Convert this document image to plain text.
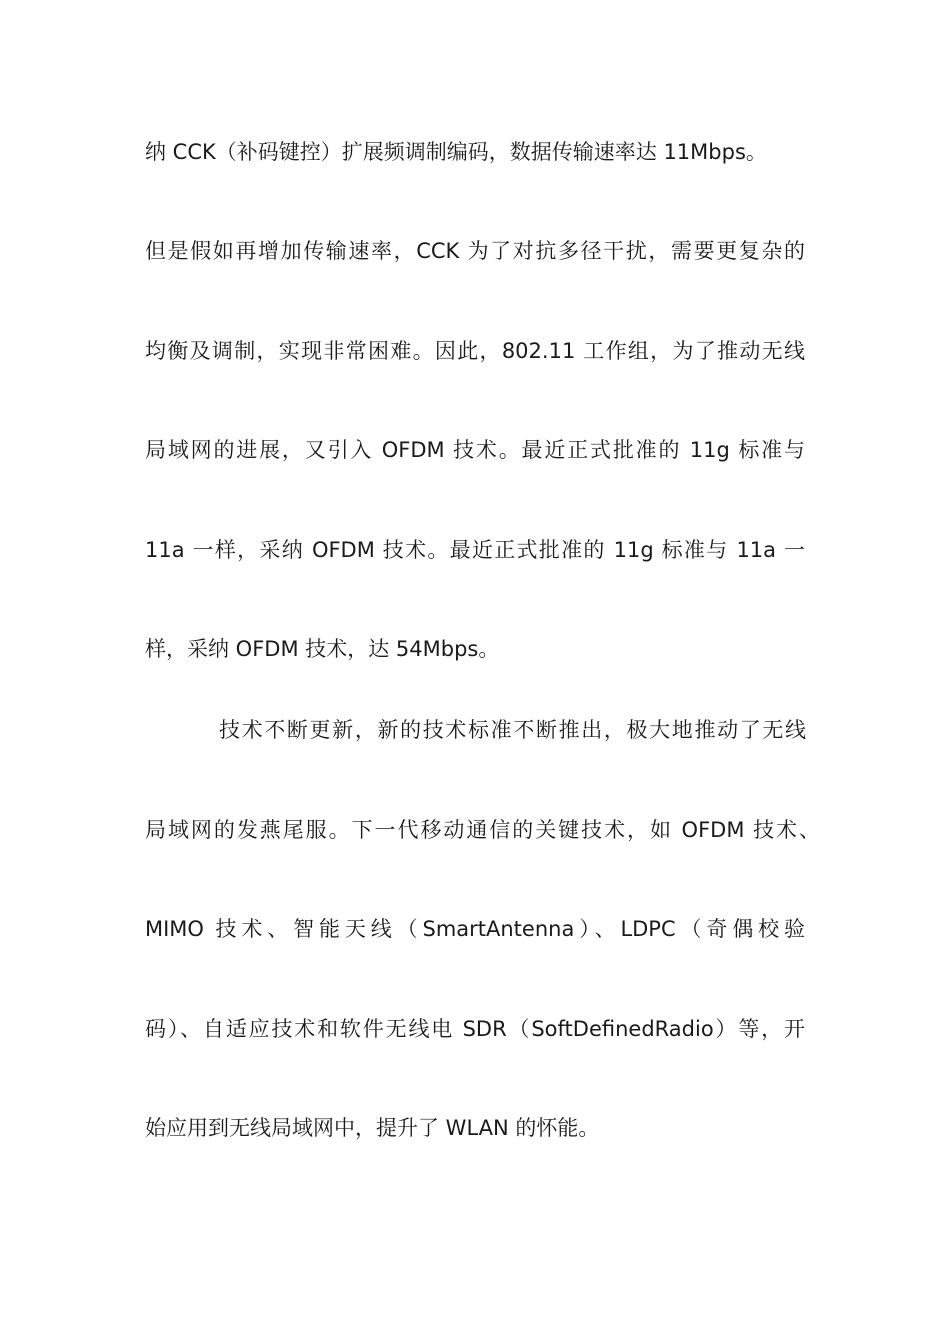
纳 CCK（补码键控）扩展频调制编码，数据传输速率达 11Mbps。
但是假如再增加传输速率，CCK 为了对抗多径干扰，需要更复杂的
均衡及调制，实现非常困难。因此，802.11 工作组，为了推动无线
局域网的进展，又引入 OFDM 技术。最近正式批准的 11g 标准与
11a 一样，采纳 OFDM 技术。最近正式批准的 11g 标准与 11a 一
样，采纳 OFDM 技术，达 54Mbps。
技术不断更新，新的技术标准不断推出，极大地推动了无线
局域网的发燕尾服。下一代移动通信的关键技术，如 OFDM 技术、
MIMO 技术、智能天线（SmartAntenna）、LDPC（奇偶校验
码）、自适应技术和软件无线电 SDR（SoftDefinedRadio）等，开
始应用到无线局域网中，提升了 WLAN 的怀能。
